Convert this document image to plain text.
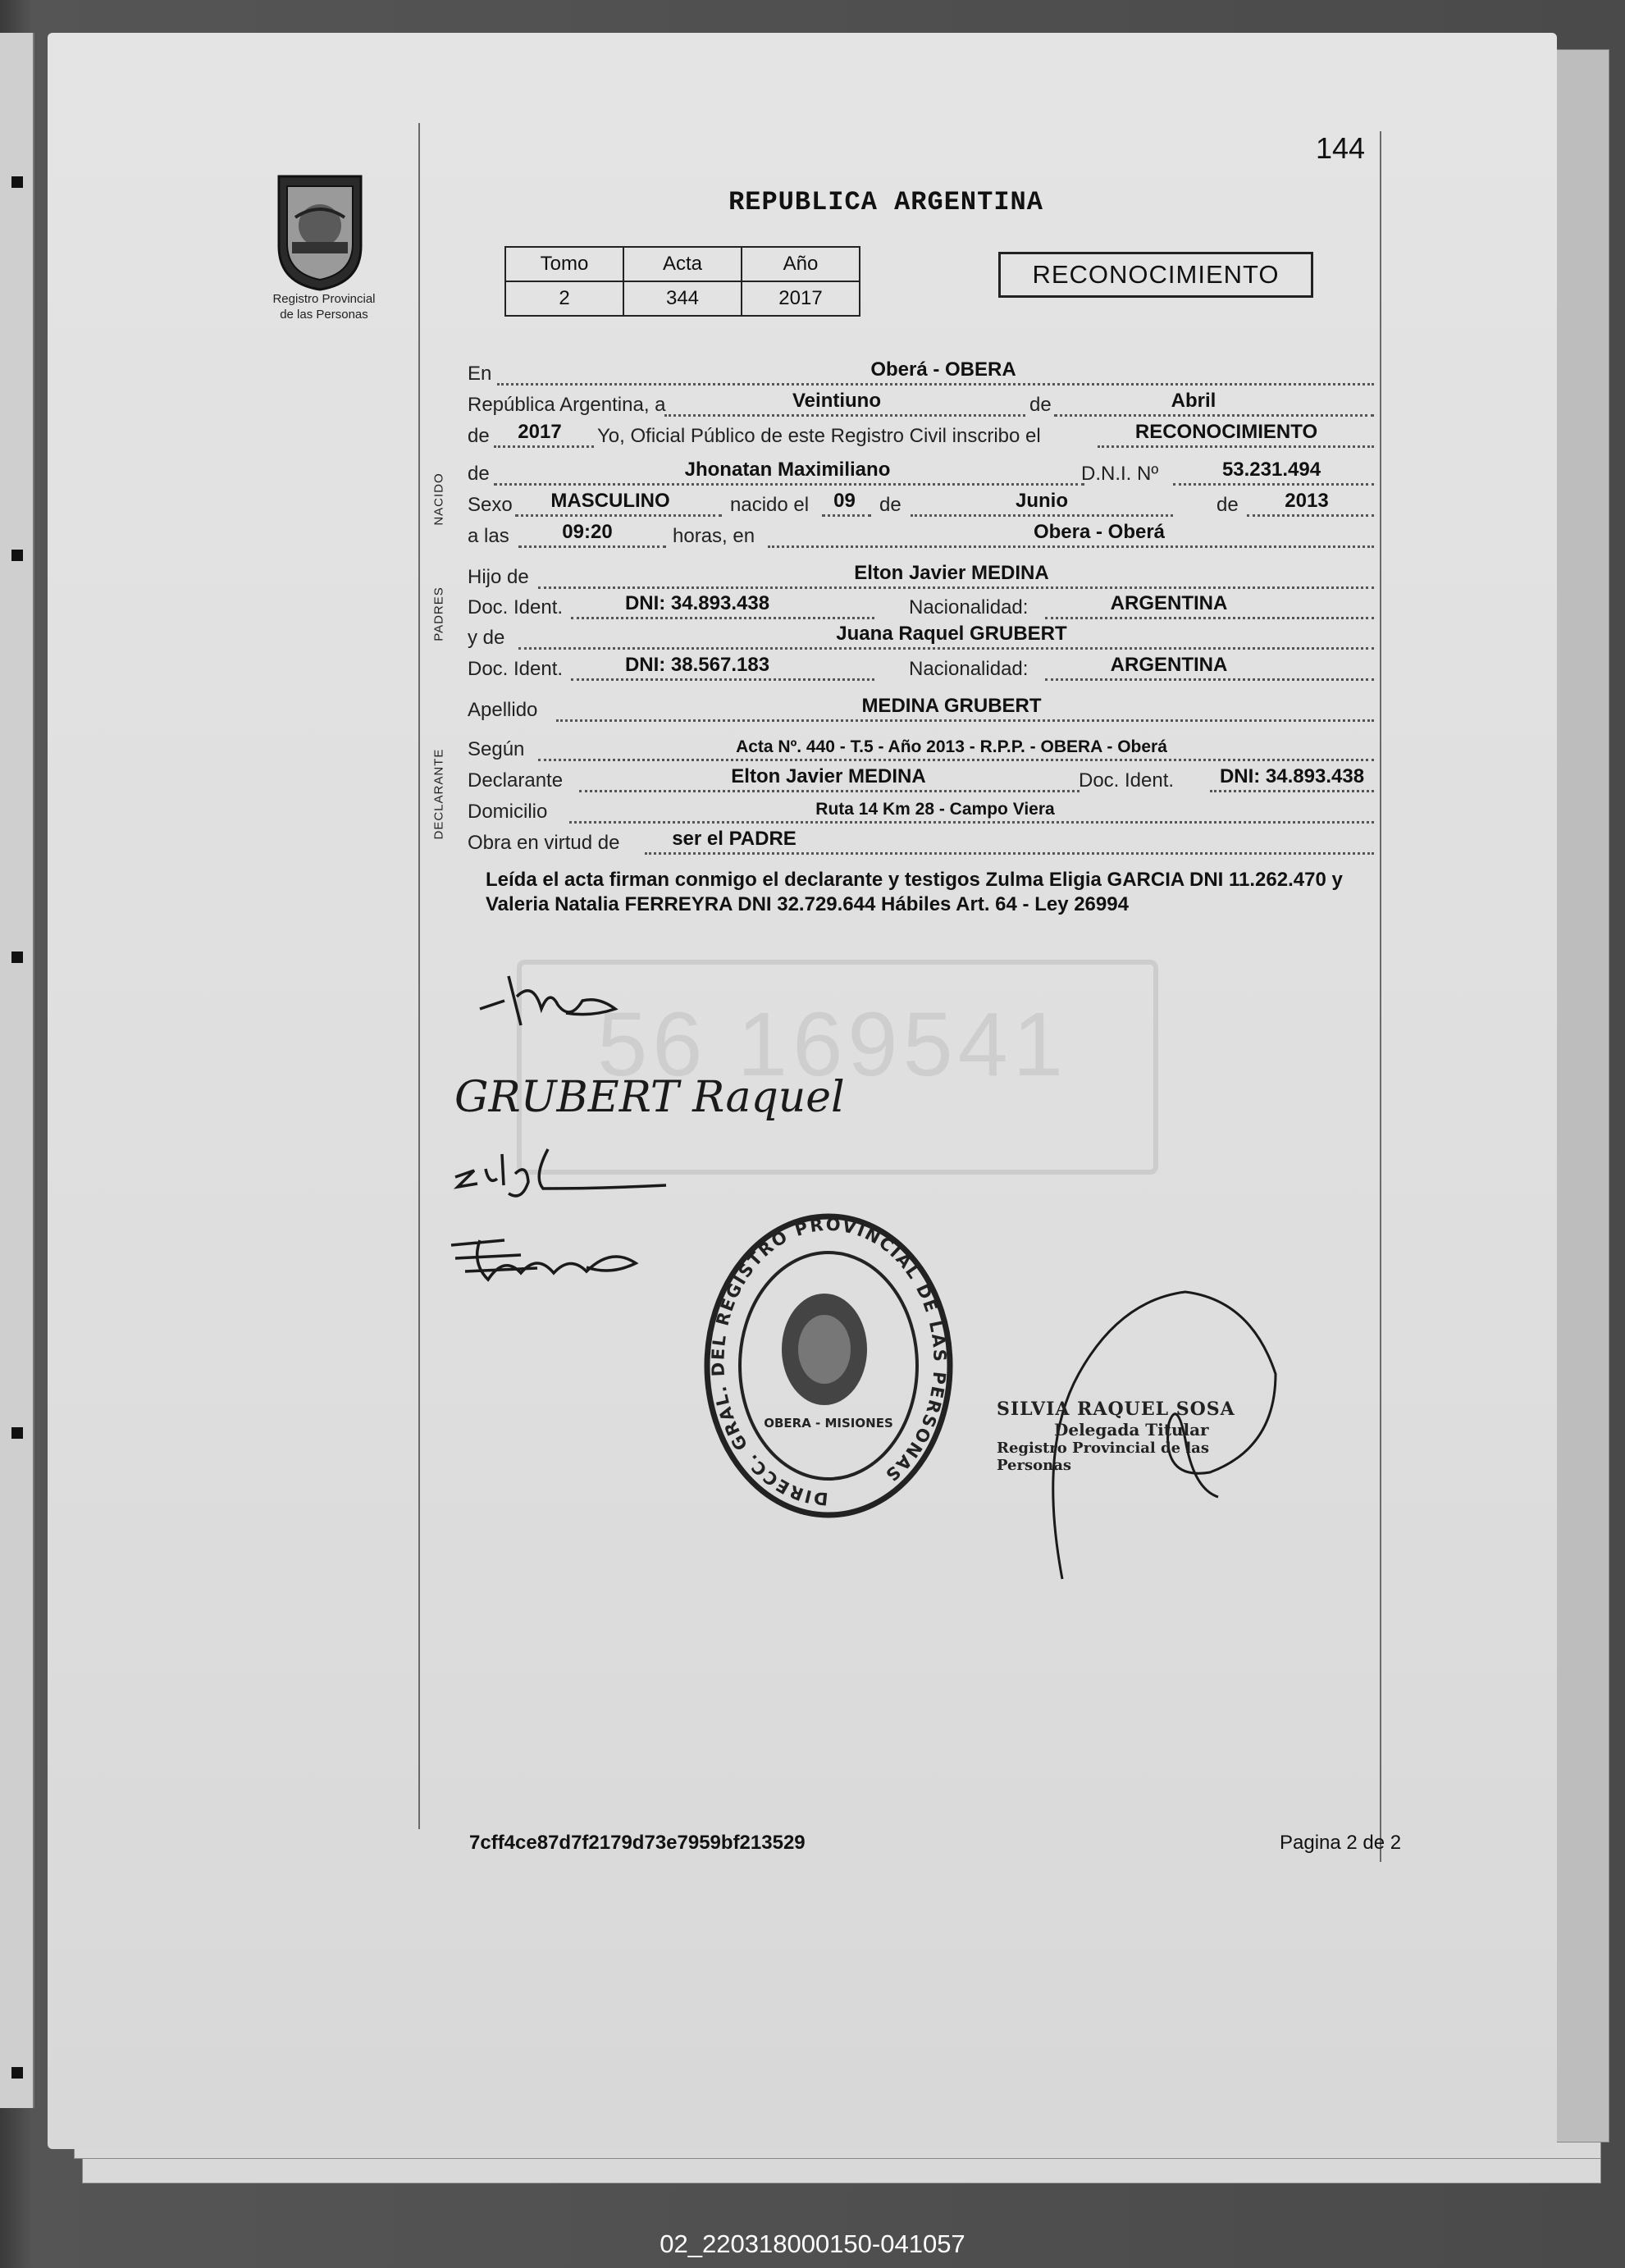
144
Registro Provincial
de las Personas
REPUBLICA ARGENTINA
Tomo	Acta	Año
2	344	2017
RECONOCIMIENTO
NACIDO
PADRES
DECLARANTE
En	Oberá - OBERA
República Argentina, a	Veintiuno	de	Abril
de	2017	Yo, Oficial Público de este Registro Civil inscribo el	RECONOCIMIENTO
de	Jhonatan Maximiliano	D.N.I. Nº	53.231.494
Sexo	MASCULINO	nacido el	09	de	Junio	de	2013
a las	09:20	horas, en	Obera - Oberá
Hijo de	Elton Javier MEDINA
Doc. Ident.	DNI: 34.893.438	Nacionalidad:	ARGENTINA
y de	Juana Raquel GRUBERT
Doc. Ident.	DNI: 38.567.183	Nacionalidad:	ARGENTINA
Apellido	MEDINA GRUBERT
Según	Acta Nº. 440 - T.5 - Año 2013 - R.P.P. - OBERA - Oberá
Declarante	Elton Javier MEDINA	Doc. Ident.	DNI: 34.893.438
Domicilio	Ruta 14 Km 28 - Campo Viera
Obra en virtud de	ser el PADRE
Leída el acta firman conmigo el declarante y testigos Zulma Eligia GARCIA DNI 11.262.470 y Valeria Natalia FERREYRA DNI 32.729.644 Hábiles Art. 64 - Ley 26994
56 169541
GRUBERT Raquel
DIRECC. GRAL. DEL REGISTRO PROVINCIAL DE LAS PERSONAS
OBERA - MISIONES
SILVIA RAQUEL SOSA
Delegada Titular
Registro Provincial de las Personas
7cff4ce87d7f2179d73e7959bf213529	Pagina 2 de 2
02_220318000150-041057
